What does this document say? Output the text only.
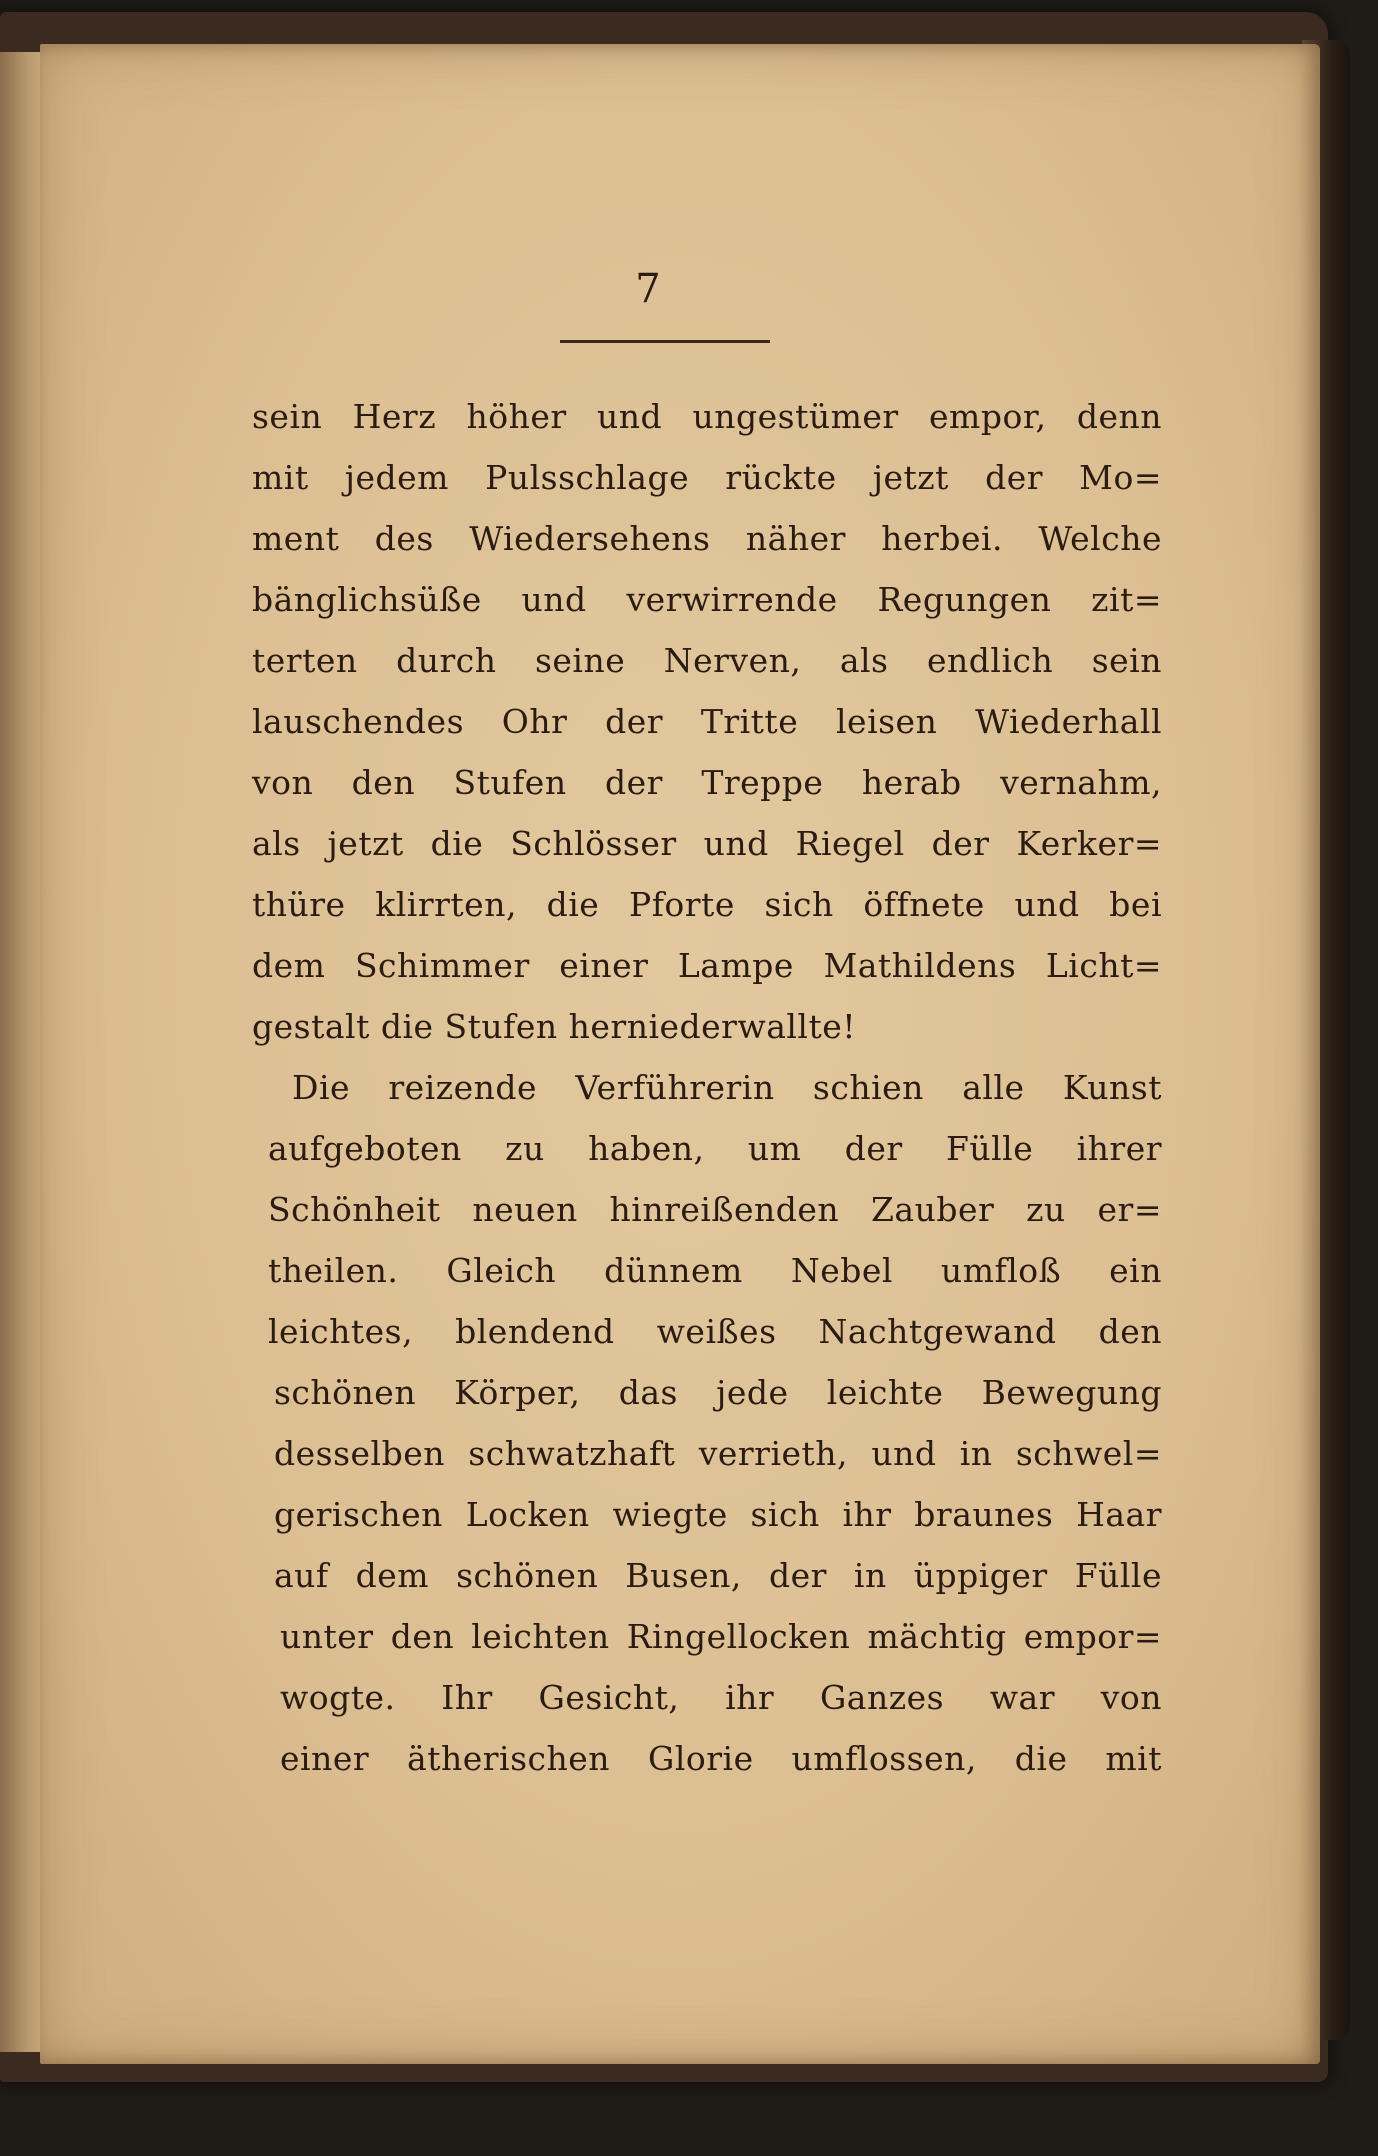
7
sein Herz höher und ungestümer empor, denn
mit jedem Pulsschlage rückte jetzt der Mo=
ment des Wiedersehens näher herbei. Welche
bänglichsüße und verwirrende Regungen zit=
terten durch seine Nerven, als endlich sein
lauschendes Ohr der Tritte leisen Wiederhall
von den Stufen der Treppe herab vernahm,
als jetzt die Schlösser und Riegel der Kerker=
thüre klirrten, die Pforte sich öffnete und bei
dem Schimmer einer Lampe Mathildens Licht=
gestalt die Stufen herniederwallte!
Die reizende Verführerin schien alle Kunst
aufgeboten zu haben, um der Fülle ihrer
Schönheit neuen hinreißenden Zauber zu er=
theilen. Gleich dünnem Nebel umfloß ein
leichtes, blendend weißes Nachtgewand den
schönen Körper, das jede leichte Bewegung
desselben schwatzhaft verrieth, und in schwel=
gerischen Locken wiegte sich ihr braunes Haar
auf dem schönen Busen, der in üppiger Fülle
unter den leichten Ringellocken mächtig empor=
wogte. Ihr Gesicht, ihr Ganzes war von
einer ätherischen Glorie umflossen, die mit
